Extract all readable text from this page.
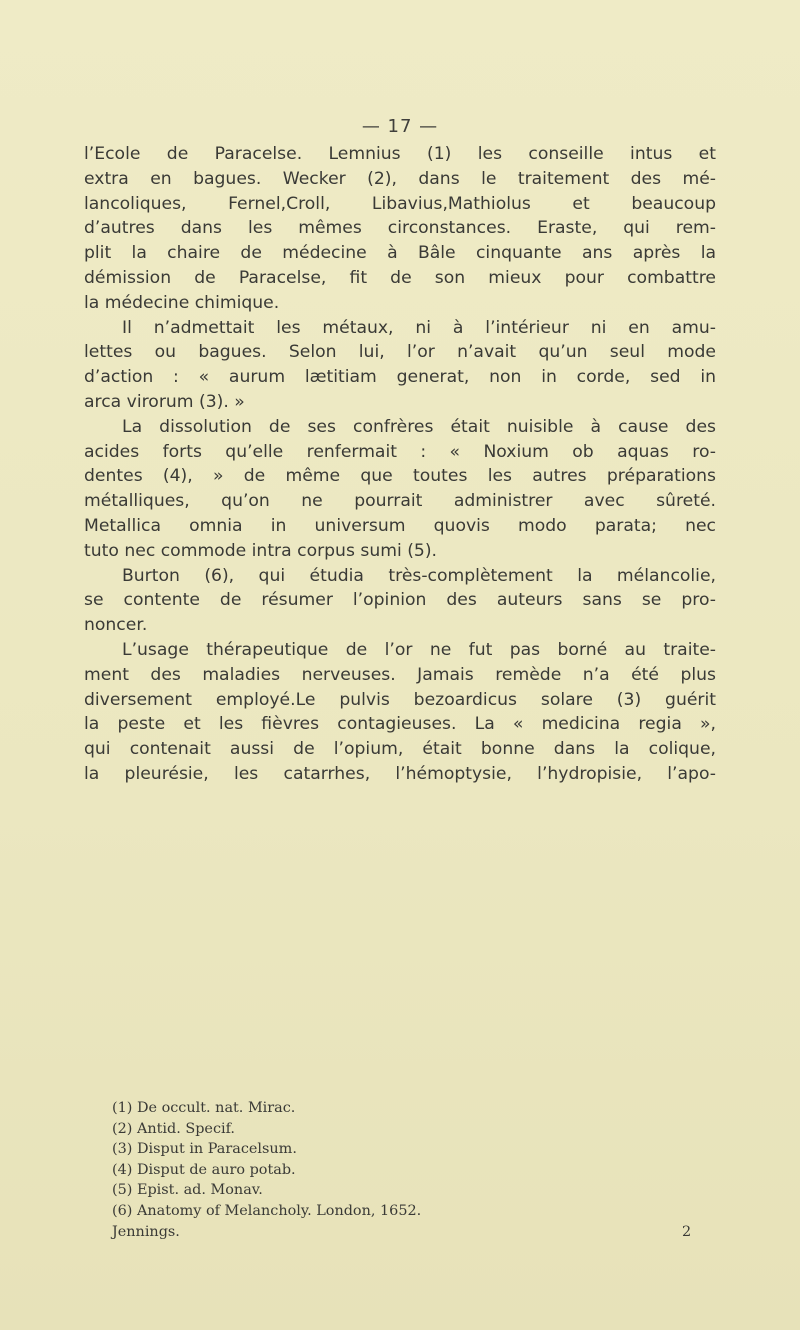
— 17 —
l’Ecole de Paracelse. Lemnius (1) les conseille intus et
extra en bagues. Wecker (2), dans le traitement des mé-
lancoliques, Fernel,Croll, Libavius,Mathiolus et beaucoup
d’autres dans les mêmes circonstances. Eraste, qui rem-
plit la chaire de médecine à Bâle cinquante ans après la
démission de Paracelse, fit de son mieux pour combattre
la médecine chimique.
Il n’admettait les métaux, ni à l’intérieur ni en amu-
lettes ou bagues. Selon lui, l’or n’avait qu’un seul mode
d’action : « aurum lætitiam generat, non in corde, sed in
arca virorum (3). »
La dissolution de ses confrères était nuisible à cause des
acides forts qu’elle renfermait : « Noxium ob aquas ro-
dentes (4), » de même que toutes les autres préparations
métalliques, qu’on ne pourrait administrer avec sûreté.
Metallica omnia in universum quovis modo parata; nec
tuto nec commode intra corpus sumi (5).
Burton (6), qui étudia très-complètement la mélancolie,
se contente de résumer l’opinion des auteurs sans se pro-
noncer.
L’usage thérapeutique de l’or ne fut pas borné au traite-
ment des maladies nerveuses. Jamais remède n’a été plus
diversement employé.Le pulvis bezoardicus solare (3) guérit
la peste et les fièvres contagieuses. La « medicina regia »,
qui contenait aussi de l’opium, était bonne dans la colique,
la pleurésie, les catarrhes, l’hémoptysie, l’hydropisie, l’apo-
(1) De occult. nat. Mirac.
(2) Antid. Specif.
(3) Disput in Paracelsum.
(4) Disput de auro potab.
(5) Epist. ad. Monav.
(6) Anatomy of Melancholy. London, 1652.
Jennings.	2
